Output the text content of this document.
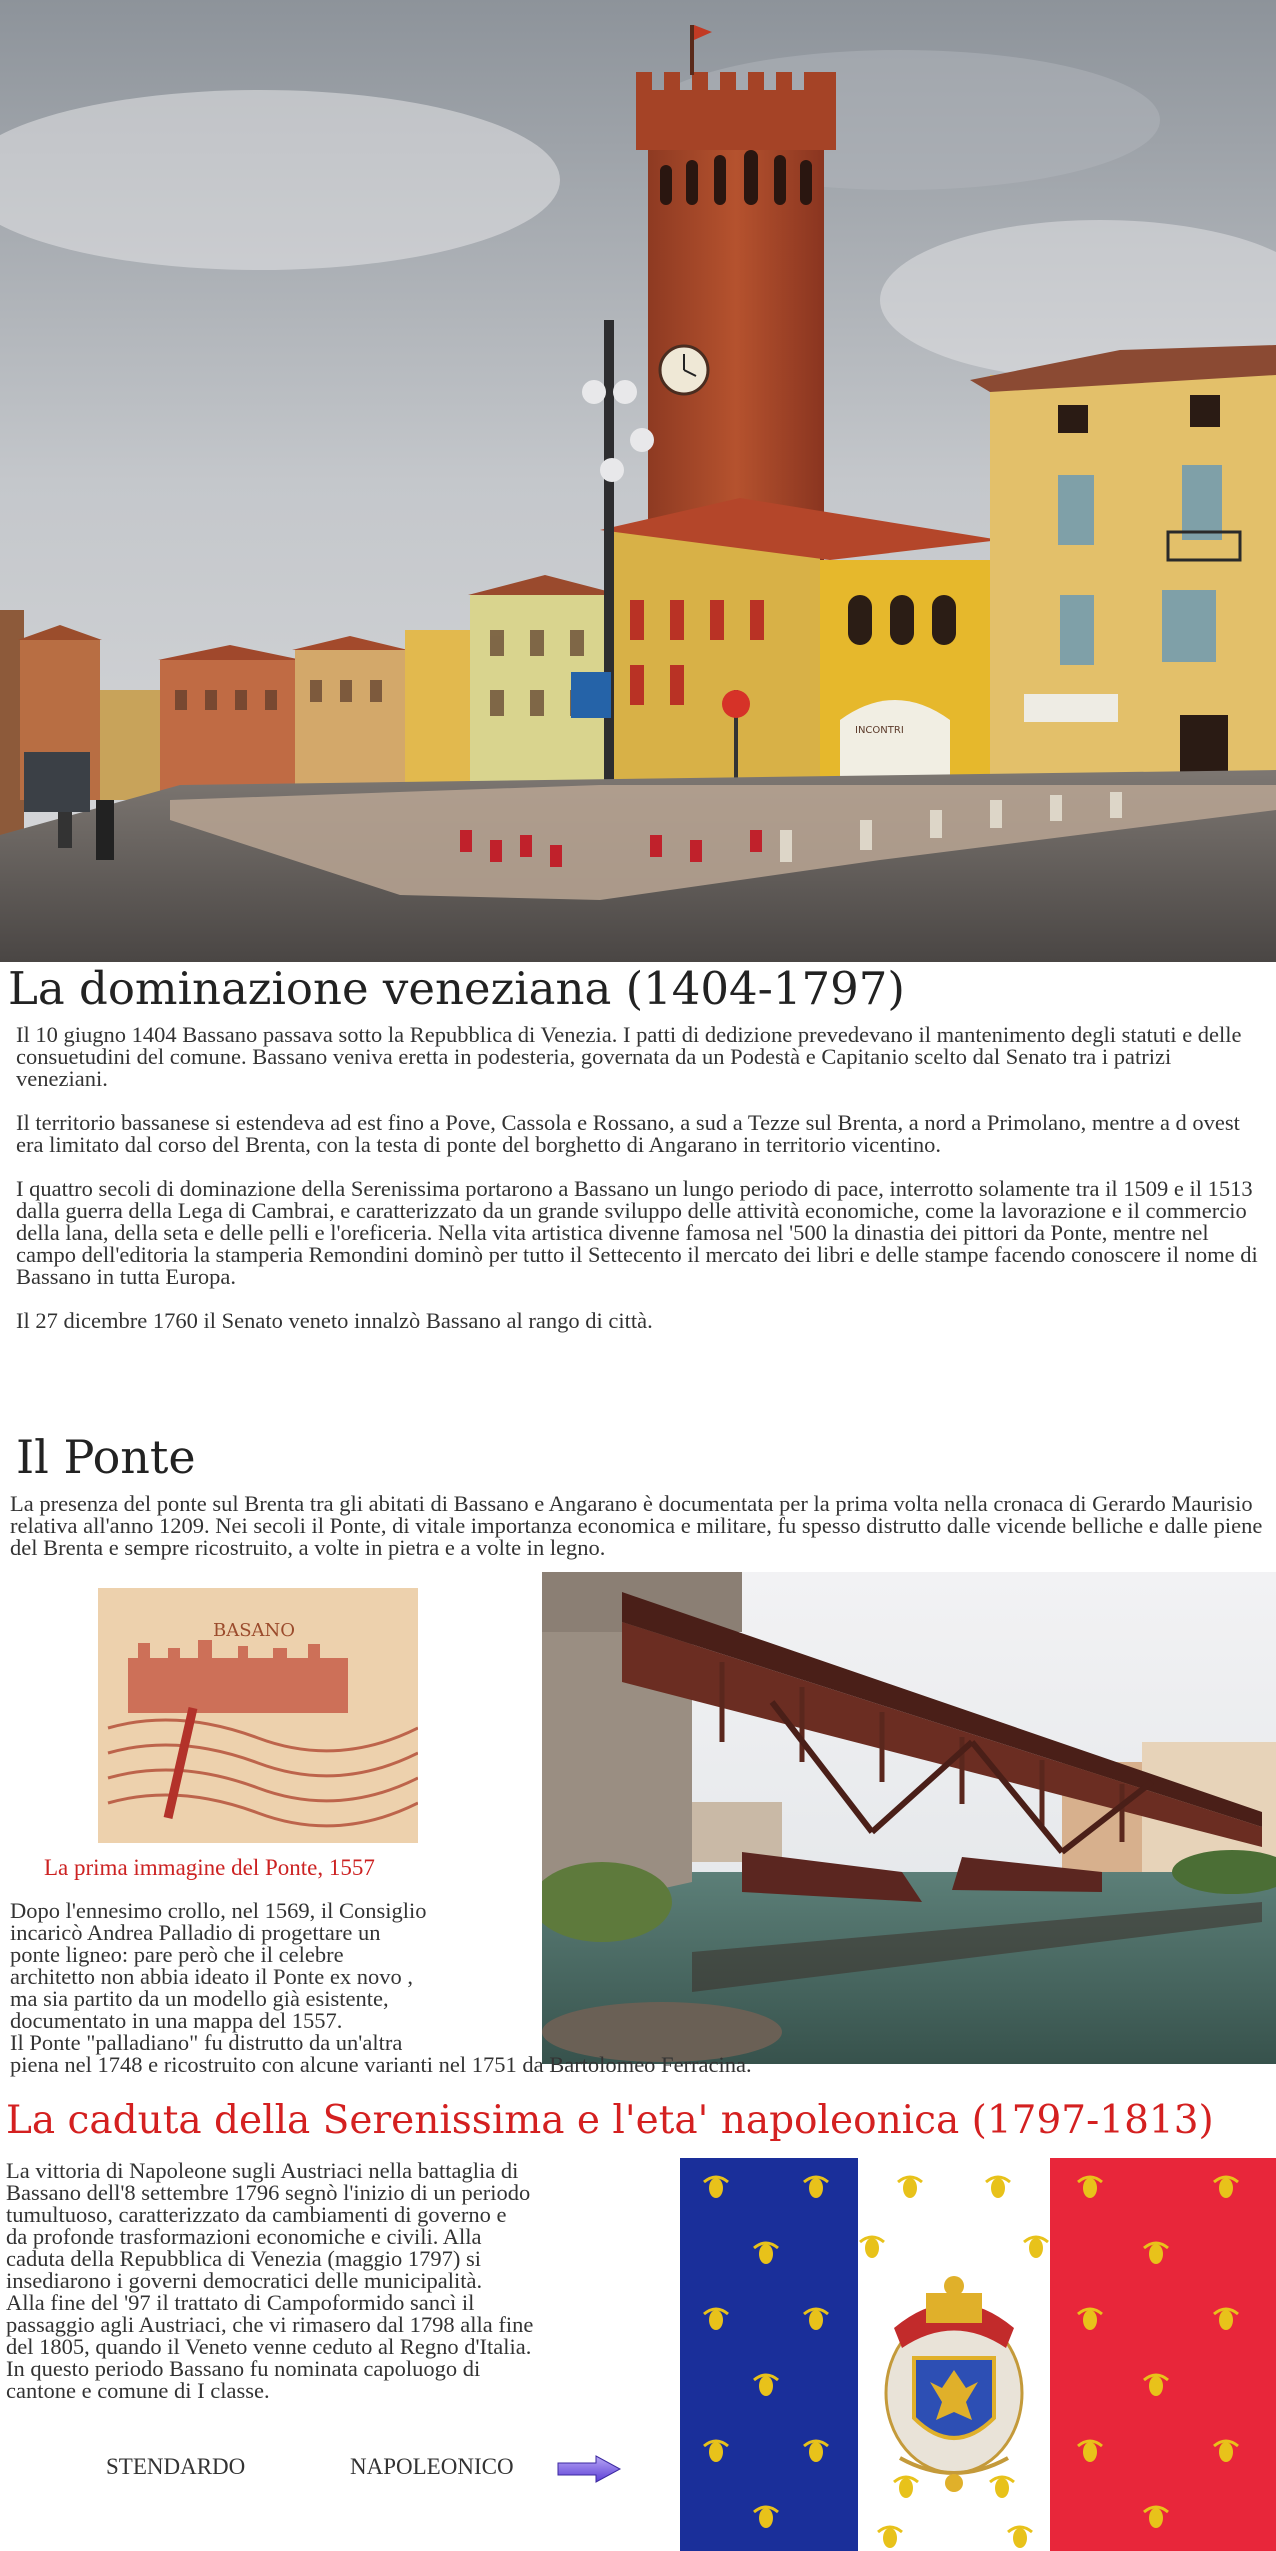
INCONTRI
La dominazione veneziana (1404-1797)

Il 10 giugno 1404 Bassano passava sotto la Repubblica di Venezia. I patti di dedizione prevedevano il mantenimento degli statuti e delle consuetudini del comune. Bassano veniva eretta in podesteria, governata da un Podestà e Capitanio scelto dal Senato tra i patrizi veneziani.

Il territorio bassanese si estendeva ad est fino a Pove, Cassola e Rossano, a sud a Tezze sul Brenta, a nord a Primolano, mentre a d ovest era limitato dal corso del Brenta, con la testa di ponte del borghetto di Angarano in territorio vicentino.

I quattro secoli di dominazione della Serenissima portarono a Bassano un lungo periodo di pace, interrotto solamente tra il 1509 e il 1513 dalla guerra della Lega di Cambrai, e caratterizzato da un grande sviluppo delle attività economiche, come la lavorazione e il commercio della lana, della seta e delle pelli e l'oreficeria. Nella vita artistica divenne famosa nel '500 la dinastia dei pittori da Ponte, mentre nel campo dell'editoria la stamperia Remondini dominò per tutto il Settecento il mercato dei libri e delle stampe facendo conoscere il nome di Bassano in tutta Europa.

Il 27 dicembre 1760 il Senato veneto innalzò Bassano al rango di città.

Il Ponte
La presenza del ponte sul Brenta tra gli abitati di Bassano e Angarano è documentata per la prima volta nella cronaca di Gerardo Maurisio relativa all'anno 1209. Nei secoli il Ponte, di vitale importanza economica e militare, fu spesso distrutto dalle vicende belliche e dalle piene del Brenta e sempre ricostruito, a volte in pietra e a volte in legno.
BASANO
La prima immagine del Ponte, 1557
Dopo l'ennesimo crollo, nel 1569, il Consiglio
incaricò Andrea Palladio di progettare un
ponte ligneo: pare però che il celebre
architetto non abbia ideato il Ponte ex novo ,
ma sia partito da un modello già esistente,
documentato in una mappa del 1557.
Il Ponte "palladiano" fu distrutto da un'altra
piena nel 1748 e ricostruito con alcune varianti nel 1751 da Bartolomeo Ferracina.
La caduta della Serenissima e l'eta' napoleonica (1797-1813)
La vittoria di Napoleone sugli Austriaci nella battaglia di
Bassano dell'8 settembre 1796 segnò l'inizio di un periodo
tumultuoso, caratterizzato da cambiamenti di governo e
da profonde trasformazioni economiche e civili. Alla
caduta della Repubblica di Venezia (maggio 1797) si
insediarono i governi democratici delle municipalità.
Alla fine del '97 il trattato di Campoformido sancì il
passaggio agli Austriaci, che vi rimasero dal 1798 alla fine
del 1805, quando il Veneto venne ceduto al Regno d'Italia.
In questo periodo Bassano fu nominata capoluogo di
cantone e comune di I classe.
STENDARDO	NAPOLEONICO
